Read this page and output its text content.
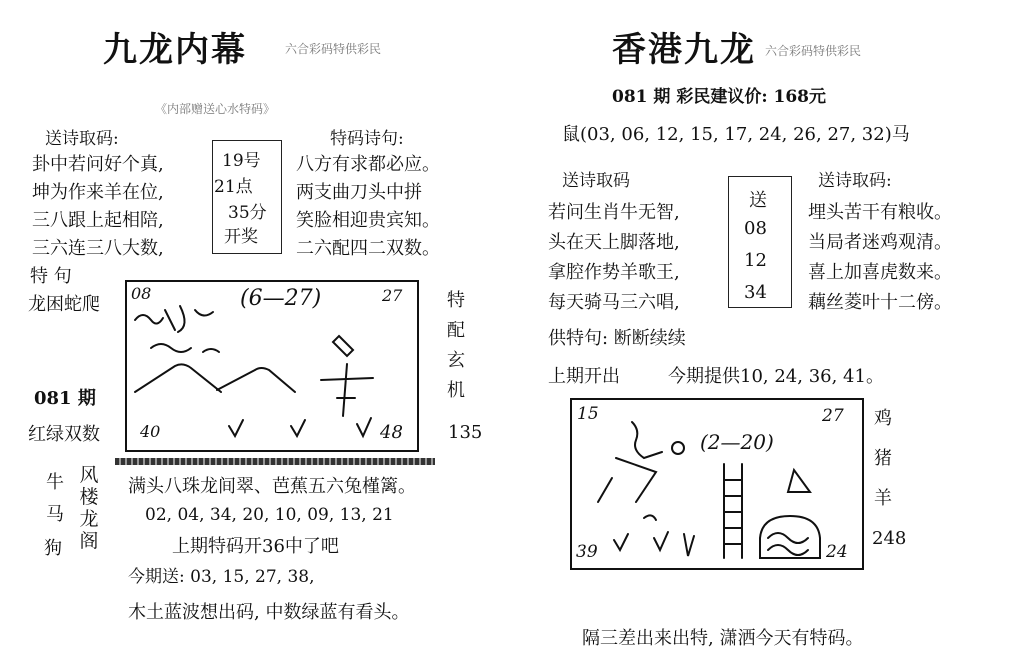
九龙内幕	六合彩码特供彩民
《内部赠送心水特码》
送诗取码:
卦中若问好个真,
坤为作来羊在位,
三八跟上起相陪,
三六连三八大数,
19号
21点
35分
开奖
特码诗句:
八方有求都必应。
两支曲刀头中拼
笑脸相迎贵宾知。
二六配四二双数。
特 句
龙困蛇爬
08	(6—27)	27
40	48
特
配
玄
机
135
081 期
红绿双数
牛
马
狗
风
楼
龙
阁
满头八珠龙间翠、芭蕉五六兔槿篱。
02, 04, 34, 20, 10, 09, 13, 21
上期特码开36中了吧
今期送: 03, 15, 27, 38,
木土蓝波想出码, 中数绿蓝有看头。
香港九龙 六合彩码特供彩民
081 期 彩民建议价: 168元
鼠(03, 06, 12, 15, 17, 24, 26, 27, 32)马
送诗取码
若问生肖牛无智,
头在天上脚落地,
拿腔作势羊歌王,
每天骑马三六唱,
送
08
12
34
送诗取码:
埋头苦干有粮收。
当局者迷鸡观清。
喜上加喜虎数来。
藕丝菱叶十二傍。
供特句: 断断续续
上期开出	今期提供10, 24, 36, 41。
15
(2—20)
27
39	24
鸡
猪
羊
248
隔三差出来出特, 潇洒今天有特码。
